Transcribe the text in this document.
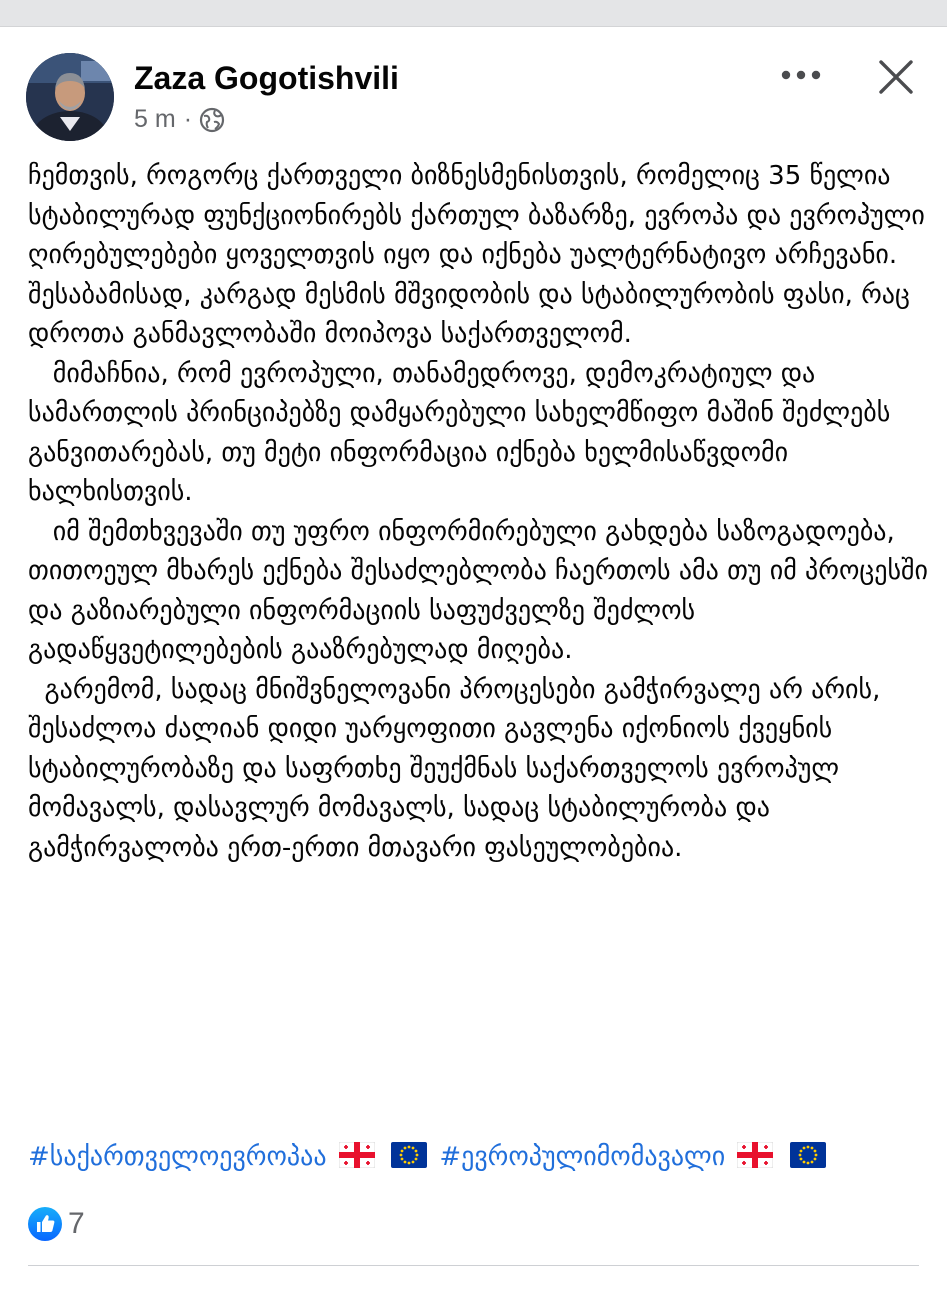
Zaza Gogotishvili
5 m ·

ჩემთვის, როგორც ქართველი ბიზნესმენისთვის, რომელიც 35 წელია სტაბილურად ფუნქციონირებს ქართულ ბაზარზე, ევროპა და ევროპული ღირებულებები ყოველთვის იყო და იქნება უალტერნატივო არჩევანი. შესაბამისად, კარგად მესმის მშვიდობის და სტაბილურობის ფასი, რაც დროთა განმავლობაში მოიპოვა საქართველომ.

მიმაჩნია, რომ ევროპული, თანამედროვე, დემოკრატიულ და სამართლის პრინციპებზე დამყარებული სახელმწიფო მაშინ შეძლებს განვითარებას, თუ მეტი ინფორმაცია იქნება ხელმისაწვდომი ხალხისთვის.

იმ შემთხვევაში თუ უფრო ინფორმირებული გახდება საზოგადოება, თითოეულ მხარეს ექნება შესაძლებლობა ჩაერთოს ამა თუ იმ პროცესში და გაზიარებული ინფორმაციის საფუძველზე შეძლოს გადაწყვეტილებების გააზრებულად მიღება.

გარემომ, სადაც მნიშვნელოვანი პროცესები გამჭირვალე არ არის, შესაძლოა ძალიან დიდი უარყოფითი გავლენა იქონიოს ქვეყნის სტაბილურობაზე და საფრთხე შეუქმნას საქართველოს ევროპულ მომავალს, დასავლურ მომავალს, სადაც სტაბილურობა და გამჭირვალობა ერთ-ერთი მთავარი ფასეულობებია.

#საქართველოევროპაა	#ევროპულიმომავალი
7
